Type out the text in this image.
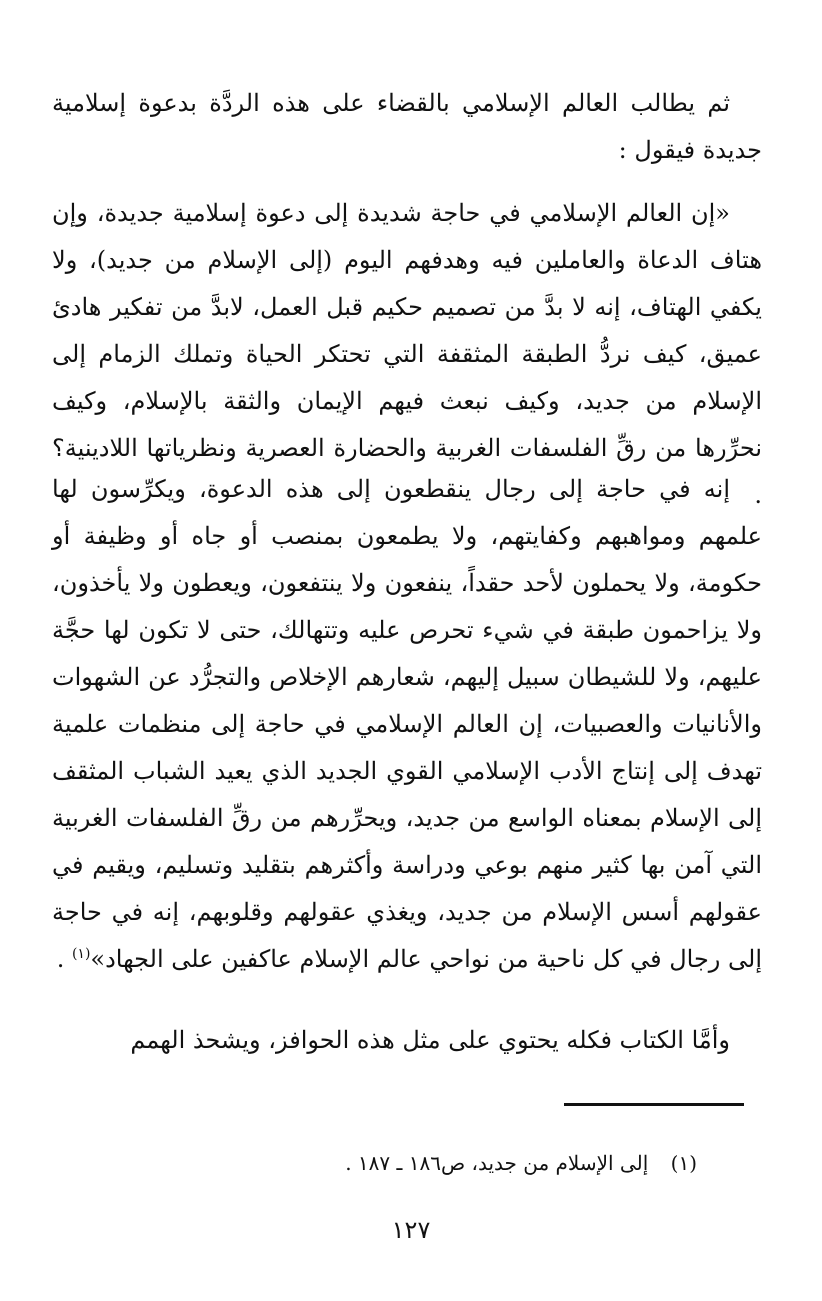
ثم يطالب العالم الإسلامي بالقضاء على هذه الردَّة بدعوة إسلامية جديدة فيقول :

«إن العالم الإسلامي في حاجة شديدة إلى دعوة إسلامية جديدة، وإن هتاف الدعاة والعاملين فيه وهدفهم اليوم (إلى الإسلام من جديد)، ولا يكفي الهتاف، إنه لا بدَّ من تصميم حكيم قبل العمل، لابدَّ من تفكير هادئ عميق، كيف نردُّ الطبقة المثقفة التي تحتكر الحياة وتملك الزمام إلى الإسلام من جديد، وكيف نبعث فيهم الإيمان والثقة بالإسلام، وكيف نحرِّرها من رقِّ الفلسفات الغربية والحضارة العصرية ونظرياتها اللادينية؟ .

إنه في حاجة إلى رجال ينقطعون إلى هذه الدعوة، ويكرِّسون لها علمهم ومواهبهم وكفايتهم، ولا يطمعون بمنصب أو جاه أو وظيفة أو حكومة، ولا يحملون لأحد حقداً، ينفعون ولا ينتفعون، ويعطون ولا يأخذون، ولا يزاحمون طبقة في شيء تحرص عليه وتتهالك، حتى لا تكون لها حجَّة عليهم، ولا للشيطان سبيل إليهم، شعارهم الإخلاص والتجرُّد عن الشهوات والأنانيات والعصبيات، إن العالم الإسلامي في حاجة إلى منظمات علمية تهدف إلى إنتاج الأدب الإسلامي القوي الجديد الذي يعيد الشباب المثقف إلى الإسلام بمعناه الواسع من جديد، ويحرِّرهم من رقِّ الفلسفات الغربية التي آمن بها كثير منهم بوعي ودراسة وأكثرهم بتقليد وتسليم، ويقيم في عقولهم أسس الإسلام من جديد، ويغذي عقولهم وقلوبهم، إنه في حاجة إلى رجال في كل ناحية من نواحي عالم الإسلام عاكفين على الجهاد»$^{(١)}$ .

وأمَّا الكتاب فكله يحتوي على مثل هذه الحوافز، ويشحذ الهمم

(١) إلى الإسلام من جديد، ص١٨٦ ـ ١٨٧ .
١٢٧
